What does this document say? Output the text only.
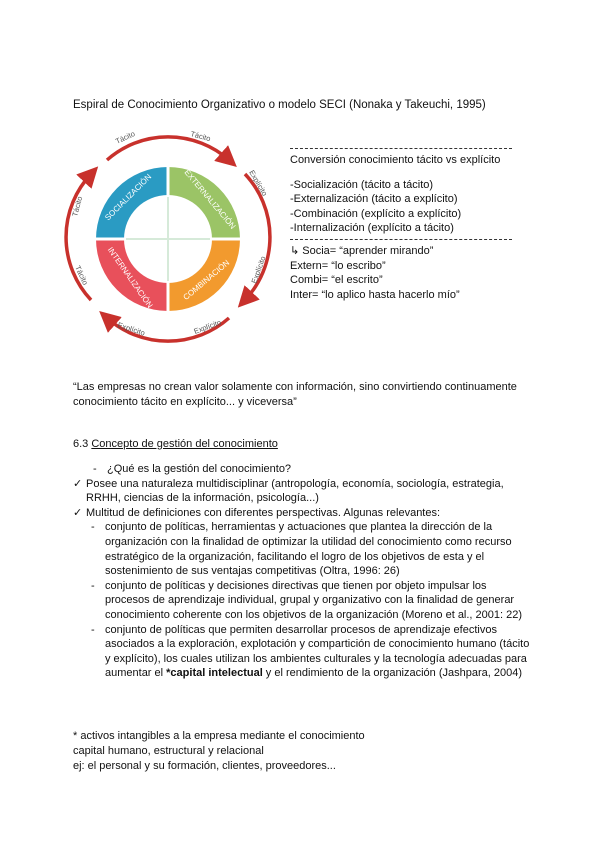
Espiral de Conocimiento Organizativo o modelo SECI (Nonaka y Takeuchi, 1995)
SOCIALIZACIÓN	EXTERNALIZACIÓN
COMBINACIÓN
INTERNALIZACIÓN
Tácito	Tácito
Explícito
Explícito
Explícito
Explícito
Tácito
Tácito
Conversión conocimiento tácito vs explícito
-Socialización (tácito a tácito)
-Externalización (tácito a explícito)
-Combinación (explícito a explícito)
-Internalización (explícito a tácito)
↳ Socia= “aprender mirando”
Extern= “lo escribo”
Combi= “el escrito”
Inter= “lo aplico hasta hacerlo mío”
“Las empresas no crean valor solamente con información, sino convirtiendo continuamente conocimiento tácito en explícito... y viceversa”
6.3 Concepto de gestión del conocimiento
- ¿Qué es la gestión del conocimiento?
✓ Posee una naturaleza multidisciplinar (antropología, economía, sociología, estrategia, RRHH, ciencias de la información, psicología...)
✓ Multitud de definiciones con diferentes perspectivas. Algunas relevantes:
- conjunto de políticas, herramientas y actuaciones que plantea la dirección de la organización con la finalidad de optimizar la utilidad del conocimiento como recurso estratégico de la organización, facilitando el logro de los objetivos de esta y el sostenimiento de sus ventajas competitivas (Oltra, 1996: 26)
- conjunto de políticas y decisiones directivas que tienen por objeto impulsar los procesos de aprendizaje individual, grupal y organizativo con la finalidad de generar conocimiento coherente con los objetivos de la organización (Moreno et al., 2001: 22)
- conjunto de políticas que permiten desarrollar procesos de aprendizaje efectivos asociados a la exploración, explotación y compartición de conocimiento humano (tácito y explícito), los cuales utilizan los ambientes culturales y la tecnología adecuadas para aumentar el *capital intelectual y el rendimiento de la organización (Jashpara, 2004)
* activos intangibles a la empresa mediante el conocimiento
capital humano, estructural y relacional
ej: el personal y su formación, clientes, proveedores...
